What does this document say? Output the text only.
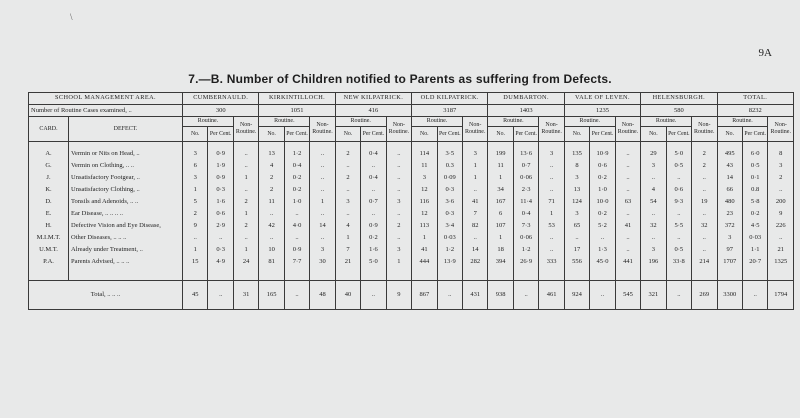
\
9A
7.—B. Number of Children notified to Parents as suffering from Defects.
SCHOOL MANAGEMENT AREA.		CUMBERNAULD.			KIRKINTILLOCH.			NEW KILPATRICK.			OLD KILPATRICK.			DUMBARTON.			VALE OF LEVEN.			HELENSBURGH.			TOTAL.		
Number of Routine Cases examined, ..		300			1051			416			3187			1403			1235			580			8232		
CARD.	DEFECT.	Routine.		Non-Routine.	Routine.		Non-Routine.	Routine.		Non-Routine.	Routine.		Non-Routine.	Routine.		Non-Routine.	Routine.		Non-Routine.	Routine.		Non-Routine.	Routine.		Non-Routine.
		No.	Per Cent.		No.	Per Cent.		No.	Per Cent.		No.	Per Cent.		No.	Per Cent.		No.	Per Cent.		No.	Per Cent.		No.	Per Cent.	
A.	Vermin or Nits on Head, ..	3	0·9	..	13	1·2	..	2	0·4	..	114	3·5	3	199	13·6	3	135	10·9	..	29	5·0	2	495	6·0	8
G.	Vermin on Clothing, .. ..	6	1·9	..	4	0·4	..	..	..	..	11	0.3	1	11	0·7	..	8	0·6	..	3	0·5	2	43	0·5	3
J.	Unsatisfactory Footgear, ..	3	0·9	1	2	0·2	..	2	0·4	..	3	0·09	1	1	0·06	..	3	0·2	..	..	..	..	14	0·1	2
K.	Unsatisfactory Clothing, ..	1	0·3	..	2	0·2	..	..	..	..	12	0·3	..	34	2·3	..	13	1·0	..	4	0·6	..	66	0.8	..
D.	Tonsils and Adenoids, .. ..	5	1·6	2	11	1·0	1	3	0·7	3	116	3·6	41	167	11·4	71	124	10·0	63	54	9·3	19	480	5·8	200
E.	Ear Disease, .. .. .. ..	2	0·6	1	..	..	..	..	..	..	12	0·3	7	6	0·4	1	3	0·2	..	..	..	..	23	0·2	9
H.	Defective Vision and Eye Disease,	9	2·9	2	42	4·0	14	4	0·9	2	113	3·4	82	107	7·3	53	65	5·2	41	32	5·5	32	372	4·5	226
M.I.M.T.	Other Diseases, .. .. ..	..	..	..	..	..	..	1	0·2	..	1	0·03	..	1	0·06	..	..	..	..	..	..	..	3	0·03	..
U.M.T.	Already under Treatment, ..	1	0·3	1	10	0·9	3	7	1·6	3	41	1·2	14	18	1·2	..	17	1·3	..	3	0·5	..	97	1·1	21
P.A.	Parents Advised, .. .. ..	15	4·9	24	81	7·7	30	21	5·0	1	444	13·9	282	394	26·9	333	556	45·0	441	196	33·8	214	1707	20·7	1325

Total, .. .. ..		45	..	31	165	..	48	40	..	9	867	..	431	938	..	461	924	..	545	321	..	269	3300	..	1794
